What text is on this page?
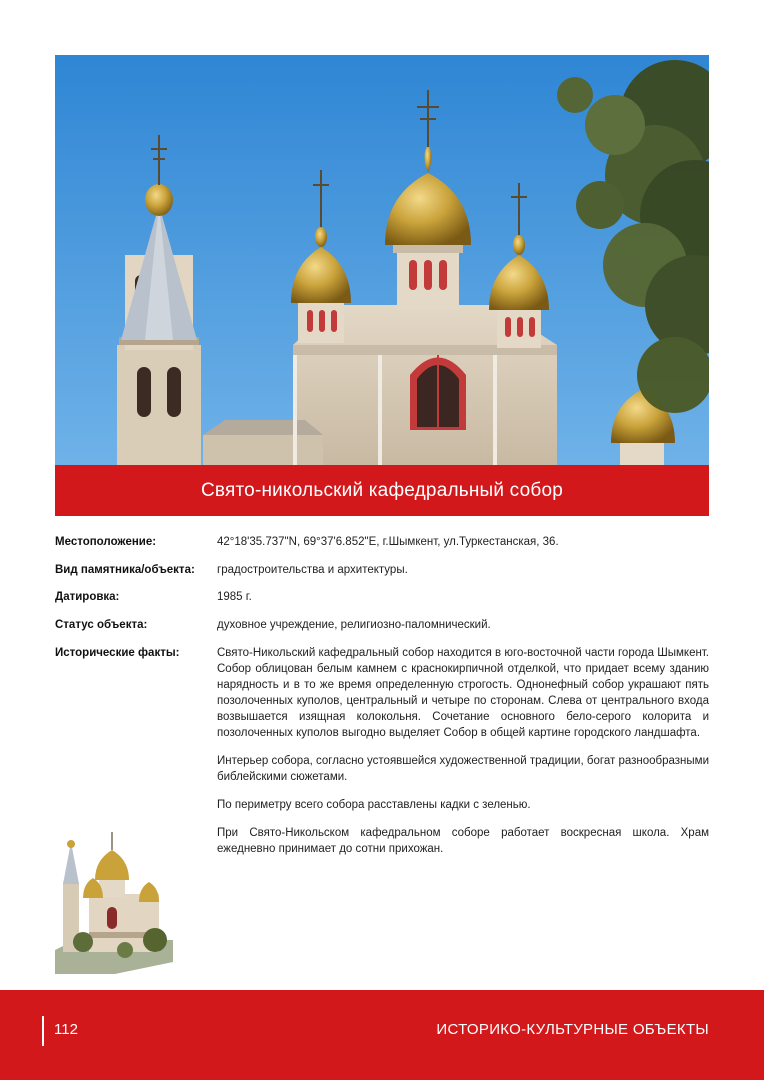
Свято-никольский кафедральный собор
Местоположение:	42°18'35.737"N, 69°37'6.852"E, г.Шымкент, ул.Туркестанская, 36.
Вид памятника/объекта:	градостроительства и архитектуры.
Датировка:	1985 г.
Статус объекта:	духовное учреждение, религиозно-паломнический.
Исторические факты:	Свято-Никольский кафедральный собор находится в юго-восточной части города Шымкент. Собор облицован белым камнем с краснокирпичной отделкой, что придает всему зданию нарядность и в то же время определенную строгость. Однонефный собор украшают пять позолоченных куполов, центральный и четыре по сторонам. Слева от центрального входа возвышается изящная колокольня. Сочетание основного бело-серого колорита и позолоченных куполов выгодно выделяет Собор в общей картине городского ландшафта.

Интерьер собора, согласно устоявшейся художественной традиции, богат разнообразными библейскими сюжетами.

По периметру всего собора расставлены кадки с зеленью.

При Свято-Никольском кафедральном соборе работает воскресная школа. Храм ежедневно принимает до сотни прихожан.

112	ИСТОРИКО-КУЛЬТУРНЫЕ ОБЪЕКТЫ
